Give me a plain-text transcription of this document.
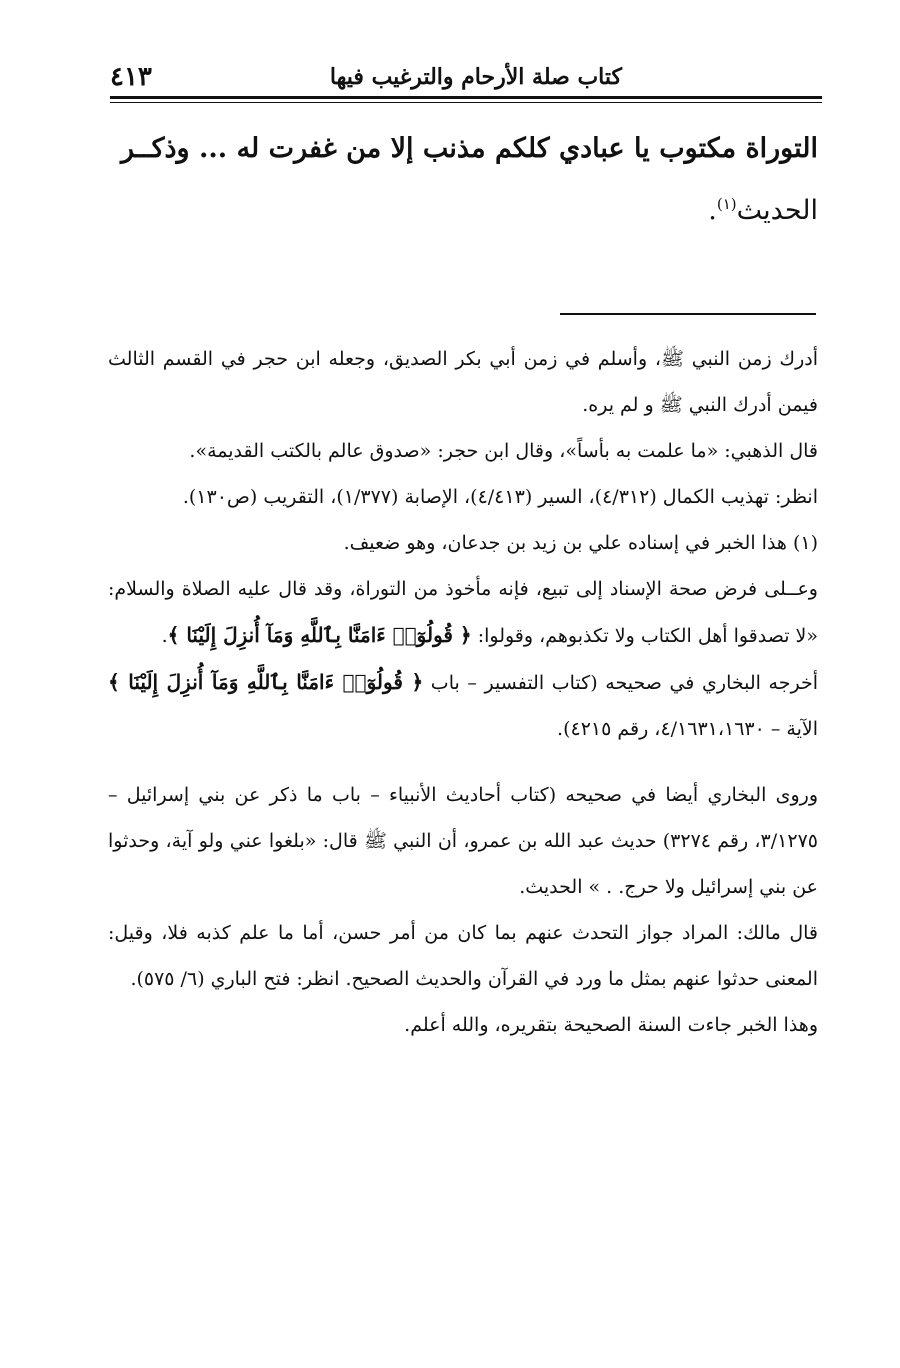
كتاب صلة الأرحام والترغيب فيها
٤١٣
التوراة مكتوب يا عبادي كلكم مذنب إلا من غفرت له ... وذكــر
الحديث$^{(١)}$.

أدرك زمن النبي ﷺ، وأسلم في زمن أبي بكر الصديق، وجعله ابن حجر في القسم الثالث فيمن أدرك النبي ﷺ و لم يره.

قال الذهبي: «ما علمت به بأساً»، وقال ابن حجر: «صدوق عالم بالكتب القديمة».

انظر: تهذيب الكمال (٤/٣١٢)، السير (٤/٤١٣)، الإصابة (١/٣٧٧)، التقريب (ص١٣٠).

(١)هذا الخبر في إسناده علي بن زيد بن جدعان، وهو ضعيف.

وعــلى فرض صحة الإسناد إلى تبيع، فإنه مأخوذ من التوراة، وقد قال عليه الصلاة والسلام: «لا تصدقوا أهل الكتاب ولا تكذبوهم، وقولوا: ﴿ قُولُوٓا۟ ءَامَنَّا بِٱللَّهِ وَمَآ أُنزِلَ إِلَيْنَا ﴾.

أخرجه البخاري في صحيحه (كتاب التفسير – باب ﴿ قُولُوٓا۟ ءَامَنَّا بِٱللَّهِ وَمَآ أُنزِلَ إِلَيْنَا ﴾ الآية – ٤/١٦٣١،١٦٣٠، رقم ٤٢١٥).

وروى البخاري أيضا في صحيحه (كتاب أحاديث الأنبياء – باب ما ذكر عن بني إسرائيل – ٣/١٢٧٥، رقم ٣٢٧٤) حديث عبد الله بن عمرو، أن النبي ﷺ قال: «بلغوا عني ولو آية، وحدثوا عن بني إسرائيل ولا حرج. . » الحديث.

قال مالك: المراد جواز التحدث عنهم بما كان من أمر حسن، أما ما علم كذبه فلا، وقيل: المعنى حدثوا عنهم بمثل ما ورد في القرآن والحديث الصحيح. انظر: فتح الباري (٦/ ٥٧٥).

وهذا الخبر جاءت السنة الصحيحة بتقريره، والله أعلم.
